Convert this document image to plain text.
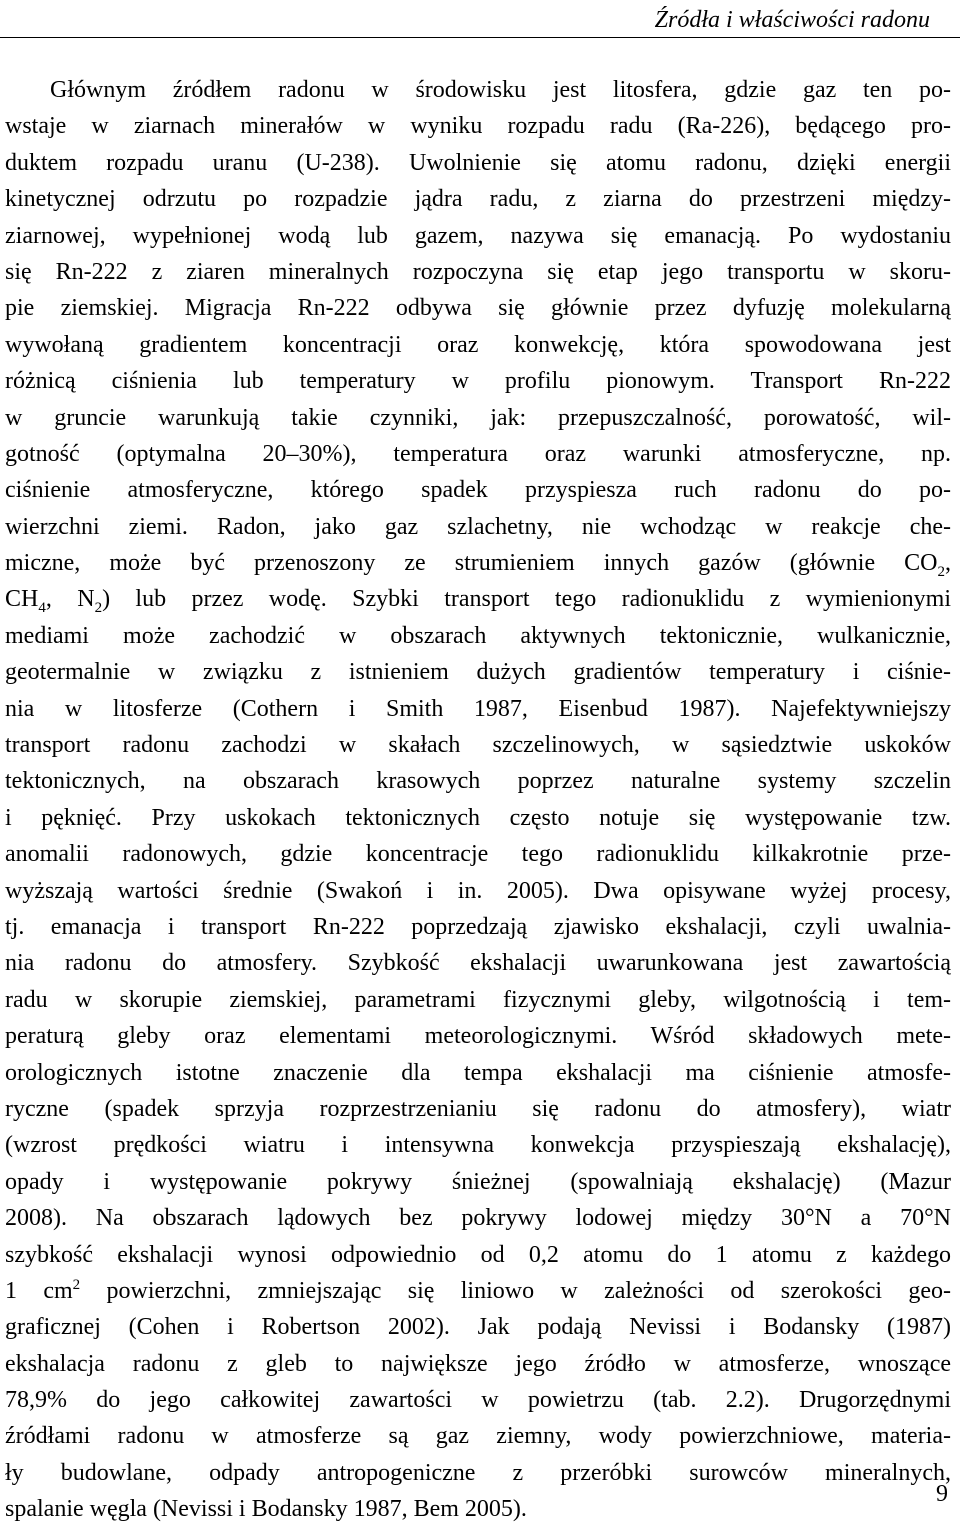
Źródła i właściwości radonu
Głównym źródłem radonu w środowisku jest litosfera, gdzie gaz ten po-
wstaje w ziarnach minerałów w wyniku rozpadu radu (Ra-226), będącego pro-
duktem rozpadu uranu (U-238). Uwolnienie się atomu radonu, dzięki energii
kinetycznej odrzutu po rozpadzie jądra radu, z ziarna do przestrzeni między-
ziarnowej, wypełnionej wodą lub gazem, nazywa się emanacją. Po wydostaniu
się Rn-222 z ziaren mineralnych rozpoczyna się etap jego transportu w skoru-
pie ziemskiej. Migracja Rn-222 odbywa się głównie przez dyfuzję molekularną
wywołaną gradientem koncentracji oraz konwekcję, która spowodowana jest
różnicą ciśnienia lub temperatury w profilu pionowym. Transport Rn-222
w gruncie warunkują takie czynniki, jak: przepuszczalność, porowatość, wil-
gotność (optymalna 20–30%), temperatura oraz warunki atmosferyczne, np.
ciśnienie atmosferyczne, którego spadek przyspiesza ruch radonu do po-
wierzchni ziemi. Radon, jako gaz szlachetny, nie wchodząc w reakcje che-
miczne, może być przenoszony ze strumieniem innych gazów (głównie $CO_2$,
$CH_4$, $N_2$) lub przez wodę. Szybki transport tego radionuklidu z wymienionymi
mediami może zachodzić w obszarach aktywnych tektonicznie, wulkanicznie,
geotermalnie w związku z istnieniem dużych gradientów temperatury i ciśnie-
nia w litosferze (Cothern i Smith 1987, Eisenbud 1987). Najefektywniejszy
transport radonu zachodzi w skałach szczelinowych, w sąsiedztwie uskoków
tektonicznych, na obszarach krasowych poprzez naturalne systemy szczelin
i pęknięć. Przy uskokach tektonicznych często notuje się występowanie tzw.
anomalii radonowych, gdzie koncentracje tego radionuklidu kilkakrotnie prze-
wyższają wartości średnie (Swakoń i in. 2005). Dwa opisywane wyżej procesy,
tj. emanacja i transport Rn-222 poprzedzają zjawisko ekshalacji, czyli uwalnia-
nia radonu do atmosfery. Szybkość ekshalacji uwarunkowana jest zawartością
radu w skorupie ziemskiej, parametrami fizycznymi gleby, wilgotnością i tem-
peraturą gleby oraz elementami meteorologicznymi. Wśród składowych mete-
orologicznych istotne znaczenie dla tempa ekshalacji ma ciśnienie atmosfe-
ryczne (spadek sprzyja rozprzestrzenianiu się radonu do atmosfery), wiatr
(wzrost prędkości wiatru i intensywna konwekcja przyspieszają ekshalację),
opady i występowanie pokrywy śnieżnej (spowalniają ekshalację) (Mazur
2008). Na obszarach lądowych bez pokrywy lodowej między 30°N a 70°N
szybkość ekshalacji wynosi odpowiednio od 0,2 atomu do 1 atomu z każdego
1 $cm^2$ powierzchni, zmniejszając się liniowo w zależności od szerokości geo-
graficznej (Cohen i Robertson 2002). Jak podają Nevissi i Bodansky (1987)
ekshalacja radonu z gleb to największe jego źródło w atmosferze, wnoszące
78,9% do jego całkowitej zawartości w powietrzu (tab. 2.2). Drugorzędnymi
źródłami radonu w atmosferze są gaz ziemny, wody powierzchniowe, materia-
ły budowlane, odpady antropogeniczne z przeróbki surowców mineralnych,
spalanie węgla (Nevissi i Bodansky 1987, Bem 2005).
9
